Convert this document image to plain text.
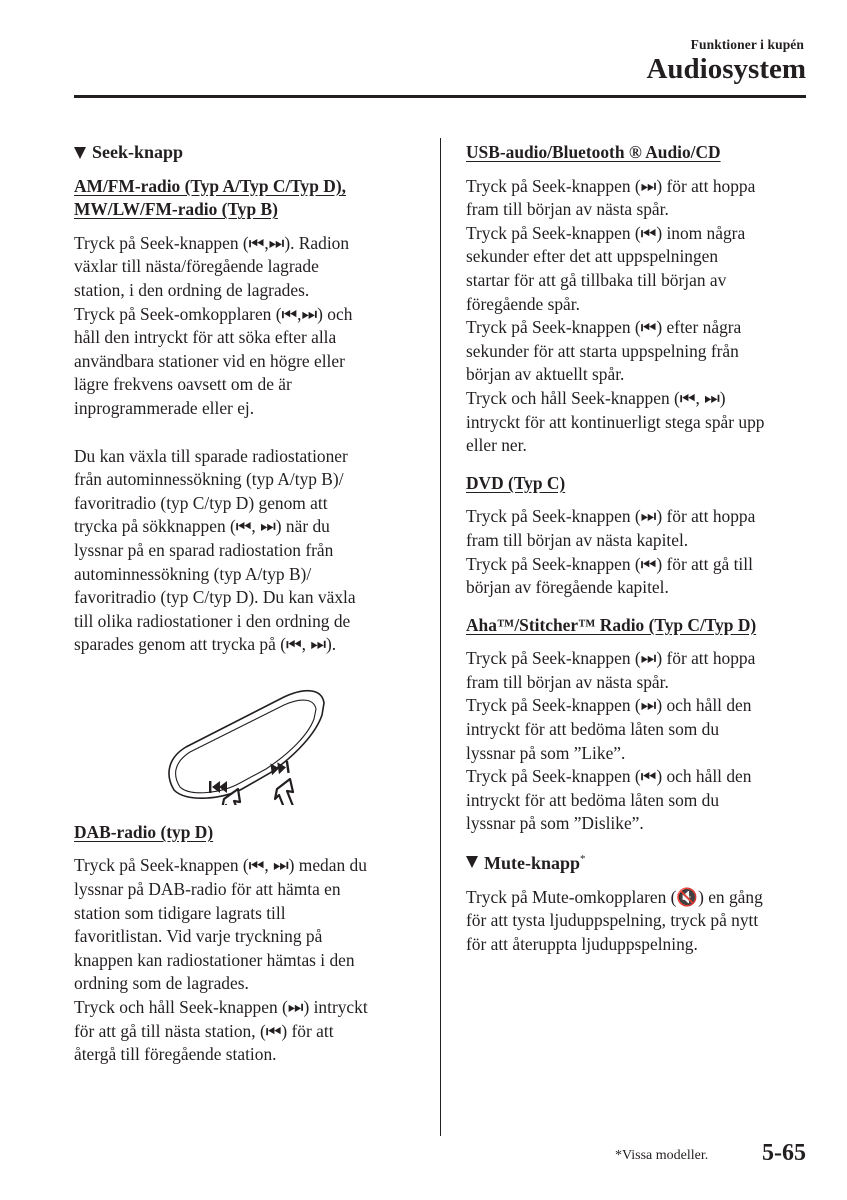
Funktioner i kupén
Audiosystem
Seek-knapp
AM/FM-radio (Typ A/Typ C/Typ D),
MW/LW/FM-radio (Typ B)
Tryck på Seek-knappen (⏮,⏭). Radion
växlar till nästa/föregående lagrade
station, i den ordning de lagrades.
Tryck på Seek-omkopplaren (⏮,⏭) och
håll den intryckt för att söka efter alla
användbara stationer vid en högre eller
lägre frekvens oavsett om de är
inprogrammerade eller ej.
Du kan växla till sparade radiostationer
från autominnessökning (typ A/typ B)/
favoritradio (typ C/typ D) genom att
trycka på sökknappen (⏮, ⏭) när du
lyssnar på en sparad radiostation från
autominnessökning (typ A/typ B)/
favoritradio (typ C/typ D). Du kan växla
till olika radiostationer i den ordning de
sparades genom att trycka på (⏮, ⏭).
DAB-radio (typ D)
Tryck på Seek-knappen (⏮, ⏭) medan du
lyssnar på DAB-radio för att hämta en
station som tidigare lagrats till
favoritlistan. Vid varje tryckning på
knappen kan radiostationer hämtas i den
ordning som de lagrades.
Tryck och håll Seek-knappen (⏭) intryckt
för att gå till nästa station, (⏮) för att
återgå till föregående station.
USB-audio/Bluetooth ® Audio/CD
Tryck på Seek-knappen (⏭) för att hoppa
fram till början av nästa spår.
Tryck på Seek-knappen (⏮) inom några
sekunder efter det att uppspelningen
startar för att gå tillbaka till början av
föregående spår.
Tryck på Seek-knappen (⏮) efter några
sekunder för att starta uppspelning från
början av aktuellt spår.
Tryck och håll Seek-knappen (⏮, ⏭)
intryckt för att kontinuerligt stega spår upp
eller ner.
DVD (Typ C)
Tryck på Seek-knappen (⏭) för att hoppa
fram till början av nästa kapitel.
Tryck på Seek-knappen (⏮) för att gå till
början av föregående kapitel.
Aha™/Stitcher™ Radio (Typ C/Typ D)
Tryck på Seek-knappen (⏭) för att hoppa
fram till början av nästa spår.
Tryck på Seek-knappen (⏭) och håll den
intryckt för att bedöma låten som du
lyssnar på som ”Like”.
Tryck på Seek-knappen (⏮) och håll den
intryckt för att bedöma låten som du
lyssnar på som ”Dislike”.
Mute-knapp*
Tryck på Mute-omkopplaren (🔇) en gång
för att tysta ljuduppspelning, tryck på nytt
för att återuppta ljuduppspelning.
*Vissa modeller. 5-65
